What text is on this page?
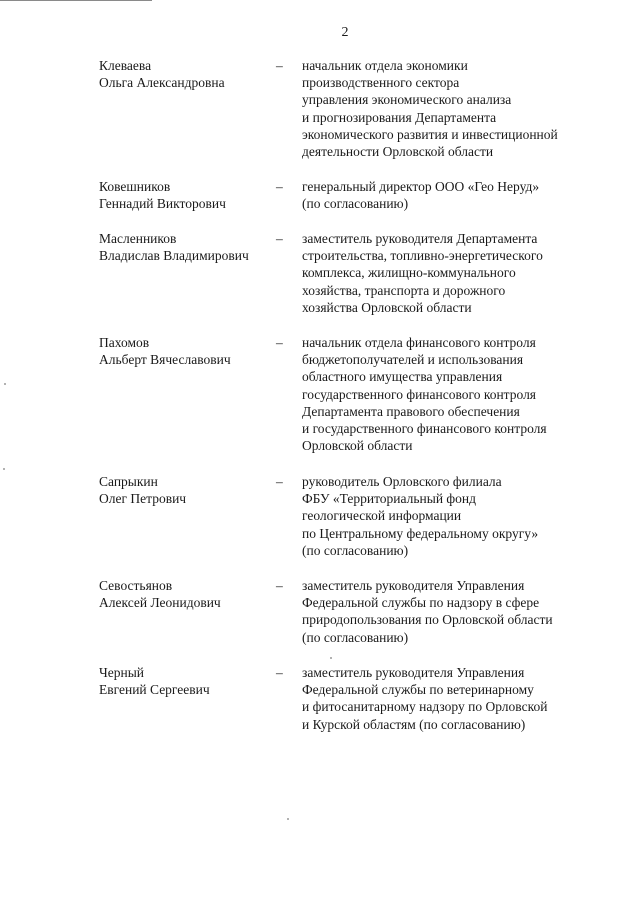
2
Клеваева
Ольга Александровна
–	начальник отдела экономики
производственного сектора
управления экономического анализа
и прогнозирования Департамента
экономического развития и инвестиционной
деятельности Орловской области
Ковешников
Геннадий Викторович
–	генеральный директор ООО «Гео Неруд»
(по согласованию)
Масленников
Владислав Владимирович
–	заместитель руководителя Департамента
строительства, топливно-энергетического
комплекса, жилищно-коммунального
хозяйства, транспорта и дорожного
хозяйства Орловской области
Пахомов
Альберт Вячеславович
–	начальник отдела финансового контроля
бюджетополучателей и использования
областного имущества управления
государственного финансового контроля
Департамента правового обеспечения
и государственного финансового контроля
Орловской области
Сапрыкин
Олег Петрович
–	руководитель Орловского филиала
ФБУ «Территориальный фонд
геологической информации
по Центральному федеральному округу»
(по согласованию)
Севостьянов
Алексей Леонидович
–	заместитель руководителя Управления
Федеральной службы по надзору в сфере
природопользования по Орловской области
(по согласованию)
Черный
Евгений Сергеевич
–	заместитель руководителя Управления
Федеральной службы по ветеринарному
и фитосанитарному надзору по Орловской
и Курской областям (по согласованию)
